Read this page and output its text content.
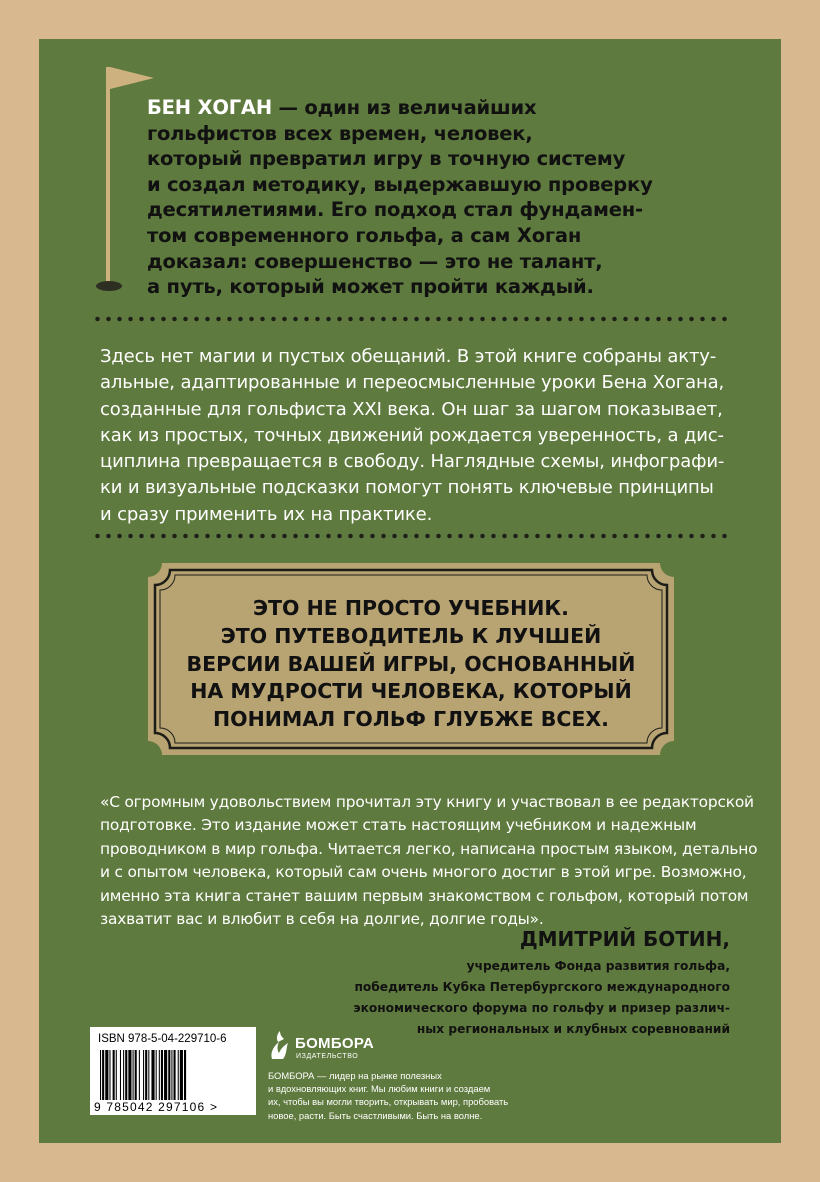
БЕН ХОГАН — один из величайших
гольфистов всех времен, человек,
который превратил игру в точную систему
и создал методику, выдержавшую проверку
десятилетиями. Его подход стал фундамен-
том современного гольфа, а сам Хоган
доказал: совершенство — это не талант,
а путь, который может пройти каждый.

Здесь нет магии и пустых обещаний. В этой книге собраны акту-
альные, адаптированные и переосмысленные уроки Бена Хогана,
созданные для гольфиста XXI века. Он шаг за шагом показывает,
как из простых, точных движений рождается уверенность, а дис-
циплина превращается в свободу. Наглядные схемы, инфографи-
ки и визуальные подсказки помогут понять ключевые принципы
и сразу применить их на практике.

ЭТО НЕ ПРОСТО УЧЕБНИК.
ЭТО ПУТЕВОДИТЕЛЬ К ЛУЧШЕЙ
ВЕРСИИ ВАШЕЙ ИГРЫ, ОСНОВАННЫЙ
НА МУДРОСТИ ЧЕЛОВЕКА, КОТОРЫЙ
ПОНИМАЛ ГОЛЬФ ГЛУБЖЕ ВСЕХ.
«С огромным удовольствием прочитал эту книгу и участвовал в ее редакторской
подготовке. Это издание может стать настоящим учебником и надежным
проводником в мир гольфа. Читается легко, написана простым языком, детально
и с опытом человека, который сам очень многого достиг в этой игре. Возможно,
именно эта книга станет вашим первым знакомством с гольфом, который потом
захватит вас и влюбит в себя на долгие, долгие годы».
ДМИТРИЙ БОТИН,
учредитель Фонда развития гольфа,
победитель Кубка Петербургского международного
экономического форума по гольфу и призер различ-
ных региональных и клубных соревнований
ISBN 978-5-04-229710-6
9 785042 297106 >
БОМБОРА
ИЗДАТЕЛЬСТВО
БОМБОРА — лидер на рынке полезных
и вдохновляющих книг. Мы любим книги и создаем
их, чтобы вы могли творить, открывать мир, пробовать
новое, расти. Быть счастливыми. Быть на волне.
